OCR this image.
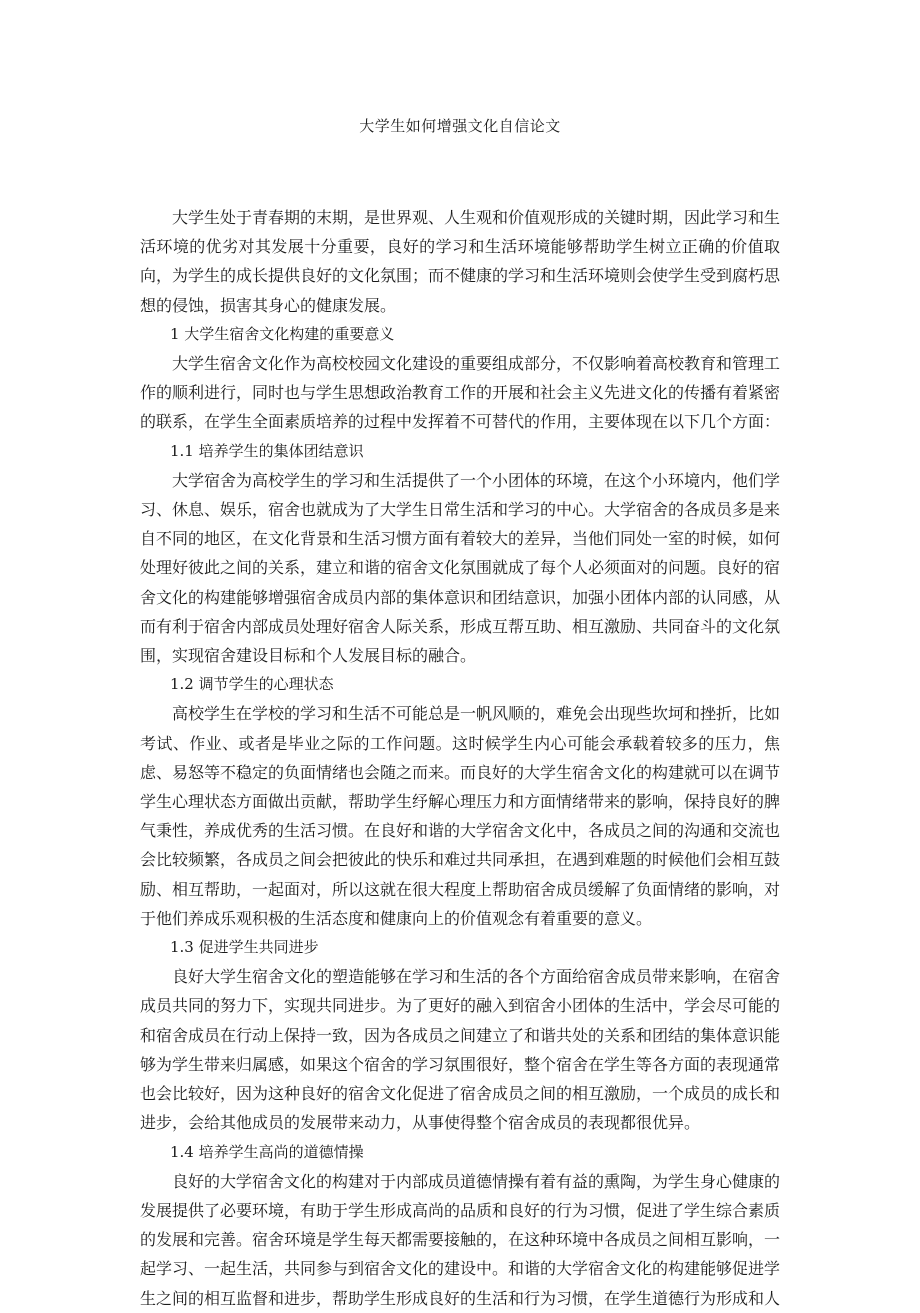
大学生如何增强文化自信论文

大学生处于青春期的末期，是世界观、人生观和价值观形成的关键时期，因此学习和生活环境的优劣对其发展十分重要，良好的学习和生活环境能够帮助学生树立正确的价值取向，为学生的成长提供良好的文化氛围；而不健康的学习和生活环境则会使学生受到腐朽思想的侵蚀，损害其身心的健康发展。

1 大学生宿舍文化构建的重要意义

大学生宿舍文化作为高校校园文化建设的重要组成部分，不仅影响着高校教育和管理工作的顺利进行，同时也与学生思想政治教育工作的开展和社会主义先进文化的传播有着紧密的联系，在学生全面素质培养的过程中发挥着不可替代的作用，主要体现在以下几个方面：

1.1 培养学生的集体团结意识

大学宿舍为高校学生的学习和生活提供了一个小团体的环境，在这个小环境内，他们学习、休息、娱乐，宿舍也就成为了大学生日常生活和学习的中心。大学宿舍的各成员多是来自不同的地区，在文化背景和生活习惯方面有着较大的差异，当他们同处一室的时候，如何处理好彼此之间的关系，建立和谐的宿舍文化氛围就成了每个人必须面对的问题。良好的宿舍文化的构建能够增强宿舍成员内部的集体意识和团结意识，加强小团体内部的认同感，从而有利于宿舍内部成员处理好宿舍人际关系，形成互帮互助、相互激励、共同奋斗的文化氛围，实现宿舍建设目标和个人发展目标的融合。

1.2 调节学生的心理状态

高校学生在学校的学习和生活不可能总是一帆风顺的，难免会出现些坎坷和挫折，比如考试、作业、或者是毕业之际的工作问题。这时候学生内心可能会承载着较多的压力，焦虑、易怒等不稳定的负面情绪也会随之而来。而良好的大学生宿舍文化的构建就可以在调节学生心理状态方面做出贡献，帮助学生纾解心理压力和方面情绪带来的影响，保持良好的脾气秉性，养成优秀的生活习惯。在良好和谐的大学宿舍文化中，各成员之间的沟通和交流也会比较频繁，各成员之间会把彼此的快乐和难过共同承担，在遇到难题的时候他们会相互鼓励、相互帮助，一起面对，所以这就在很大程度上帮助宿舍成员缓解了负面情绪的影响，对于他们养成乐观积极的生活态度和健康向上的价值观念有着重要的意义。

1.3 促进学生共同进步

良好大学生宿舍文化的塑造能够在学习和生活的各个方面给宿舍成员带来影响，在宿舍成员共同的努力下，实现共同进步。为了更好的融入到宿舍小团体的生活中，学会尽可能的和宿舍成员在行动上保持一致，因为各成员之间建立了和谐共处的关系和团结的集体意识能够为学生带来归属感，如果这个宿舍的学习氛围很好，整个宿舍在学生等各方面的表现通常也会比较好，因为这种良好的宿舍文化促进了宿舍成员之间的相互激励，一个成员的成长和进步，会给其他成员的发展带来动力，从事使得整个宿舍成员的表现都很优异。

1.4 培养学生高尚的道德情操

良好的大学宿舍文化的构建对于内部成员道德情操有着有益的熏陶，为学生身心健康的发展提供了必要环境，有助于学生形成高尚的品质和良好的行为习惯，促进了学生综合素质的发展和完善。宿舍环境是学生每天都需要接触的，在这种环境中各成员之间相互影响，一起学习、一起生活，共同参与到宿舍文化的建设中。和谐的大学宿舍文化的构建能够促进学生之间的相互监督和进步，帮助学生形成良好的生活和行为习惯，在学生道德行为形成和人
